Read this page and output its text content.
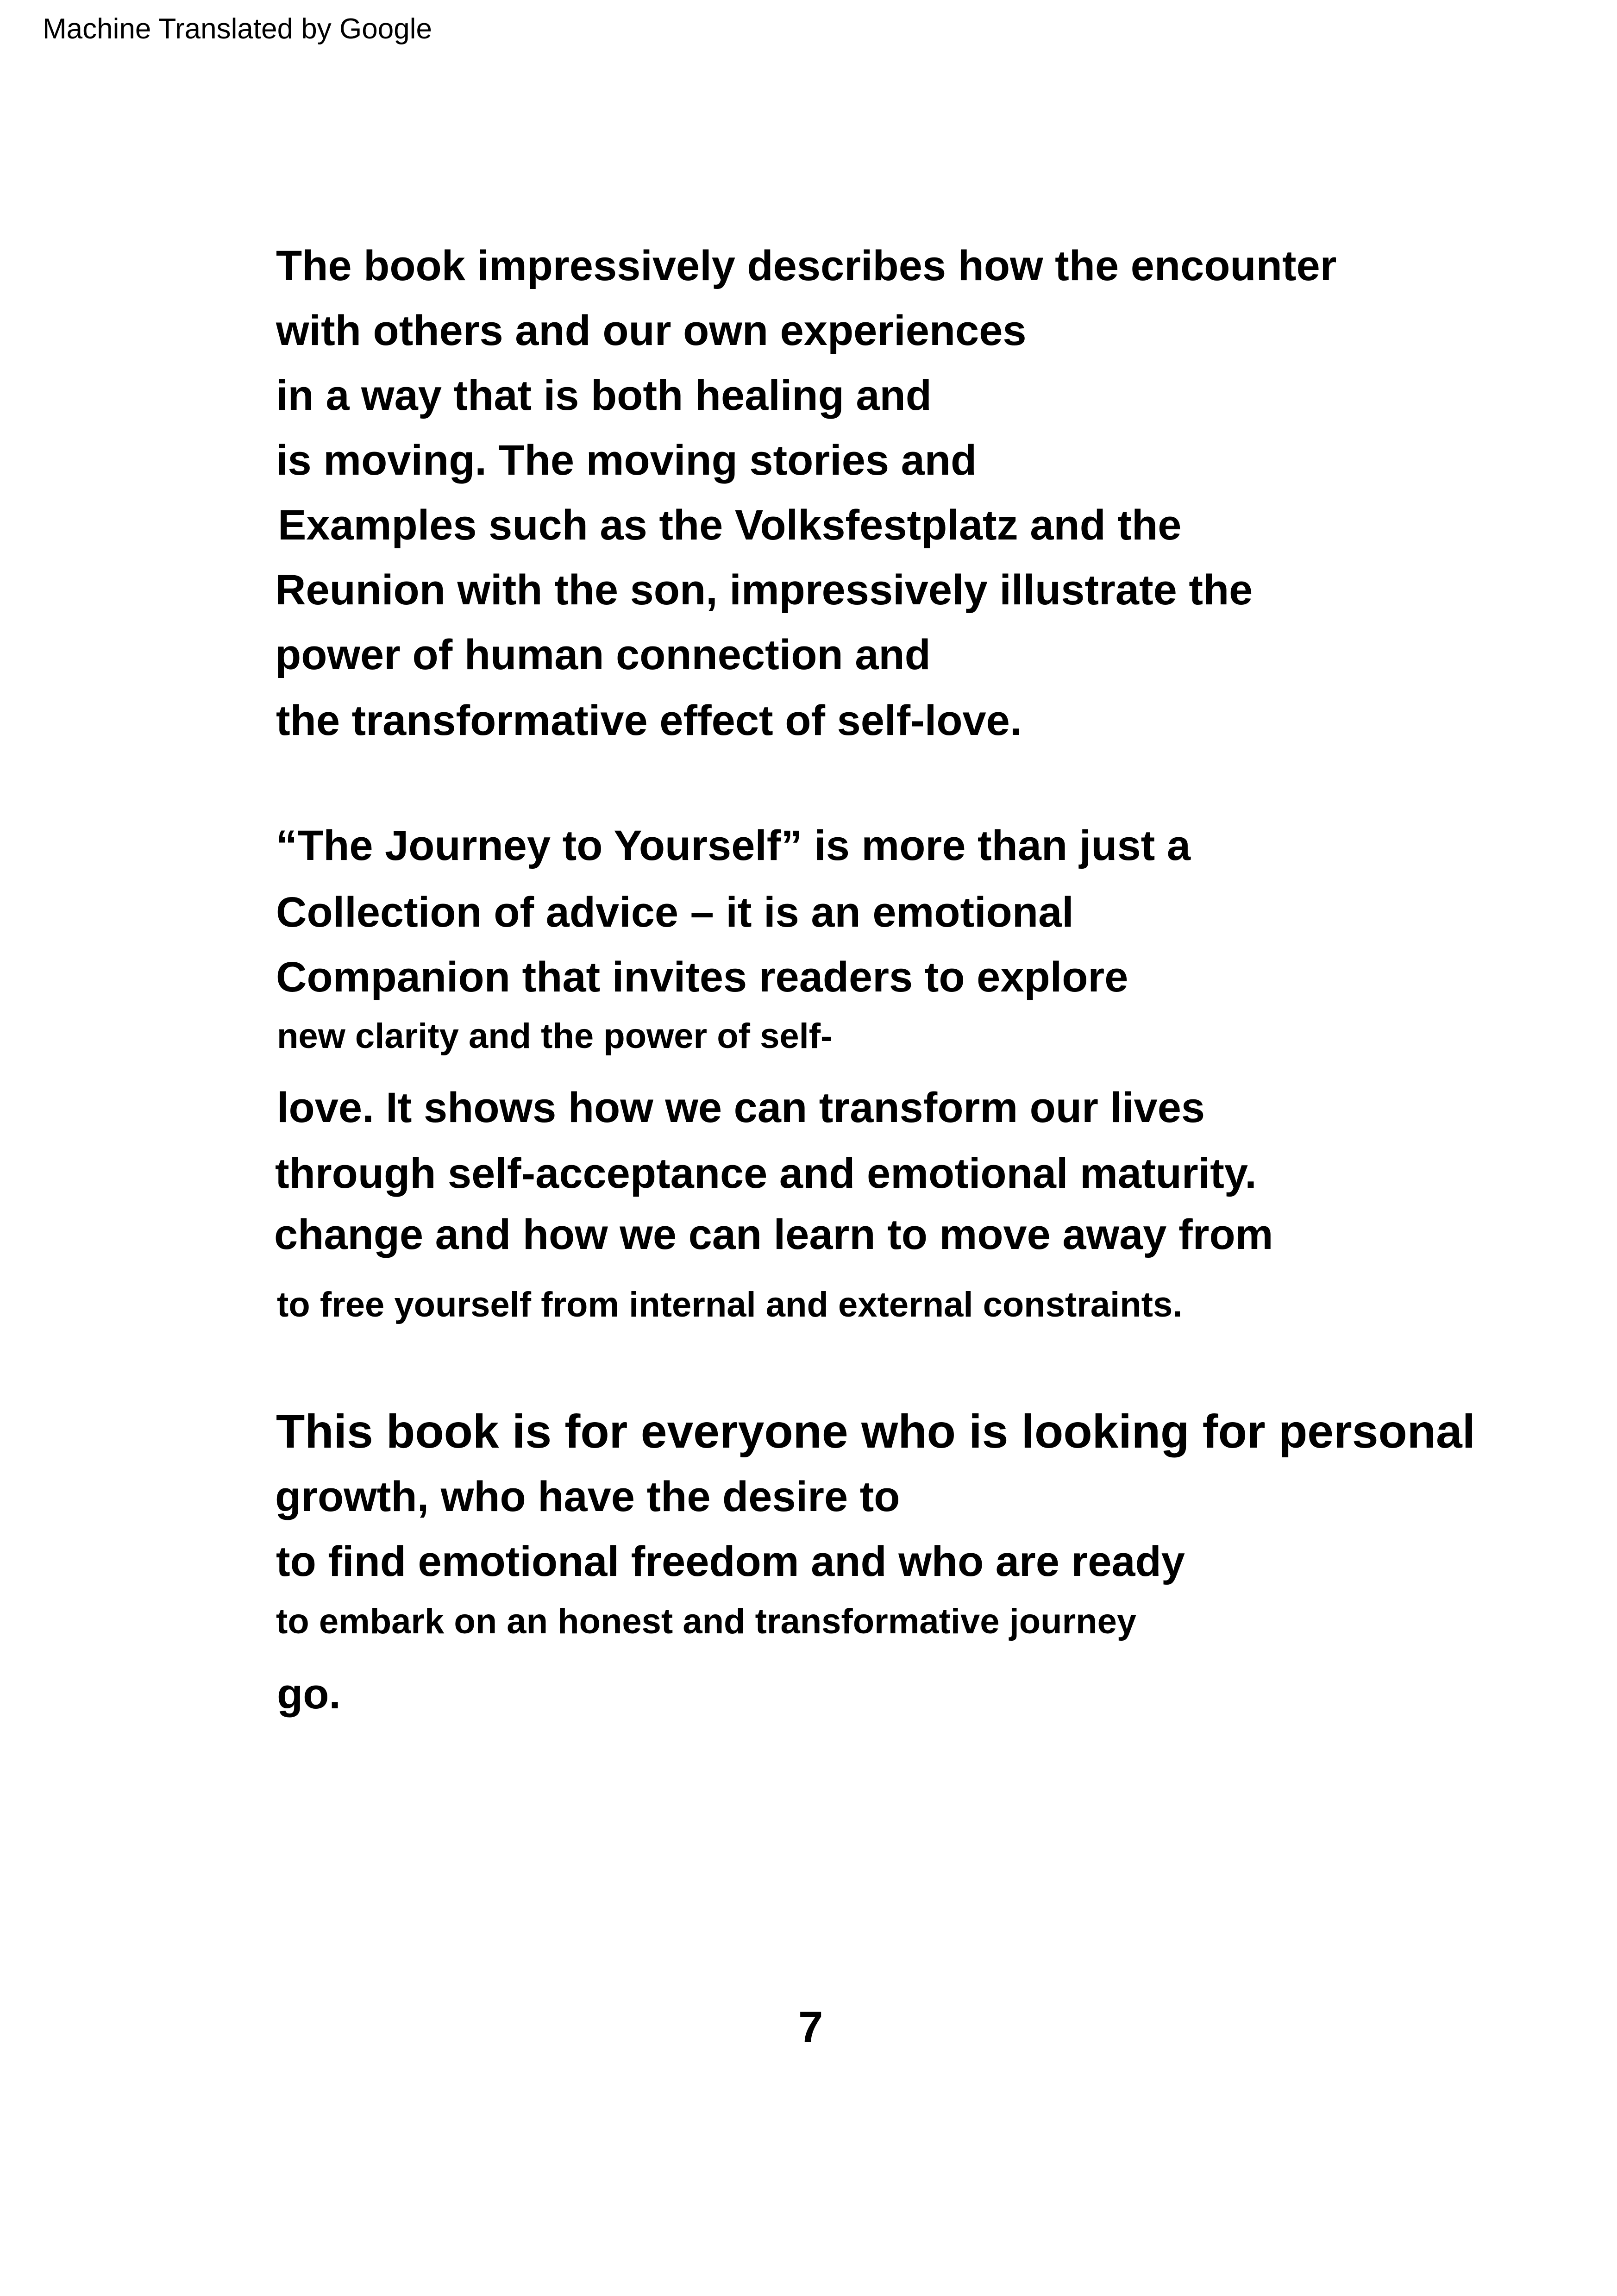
Machine Translated by Google

The book impressively describes how the encounter

with others and our own experiences

in a way that is both healing and

is moving. The moving stories and

Examples such as the Volksfestplatz and the

Reunion with the son, impressively illustrate the

power of human connection and

the transformative effect of self-love.

“The Journey to Yourself” is more than just a

Collection of advice – it is an emotional

Companion that invites readers to explore

new clarity and the power of self-

love. It shows how we can transform our lives

through self-acceptance and emotional maturity.

change and how we can learn to move away from

to free yourself from internal and external constraints.

This book is for everyone who is looking for personal

growth, who have the desire to

to find emotional freedom and who are ready

to embark on an honest and transformative journey

go.

7
